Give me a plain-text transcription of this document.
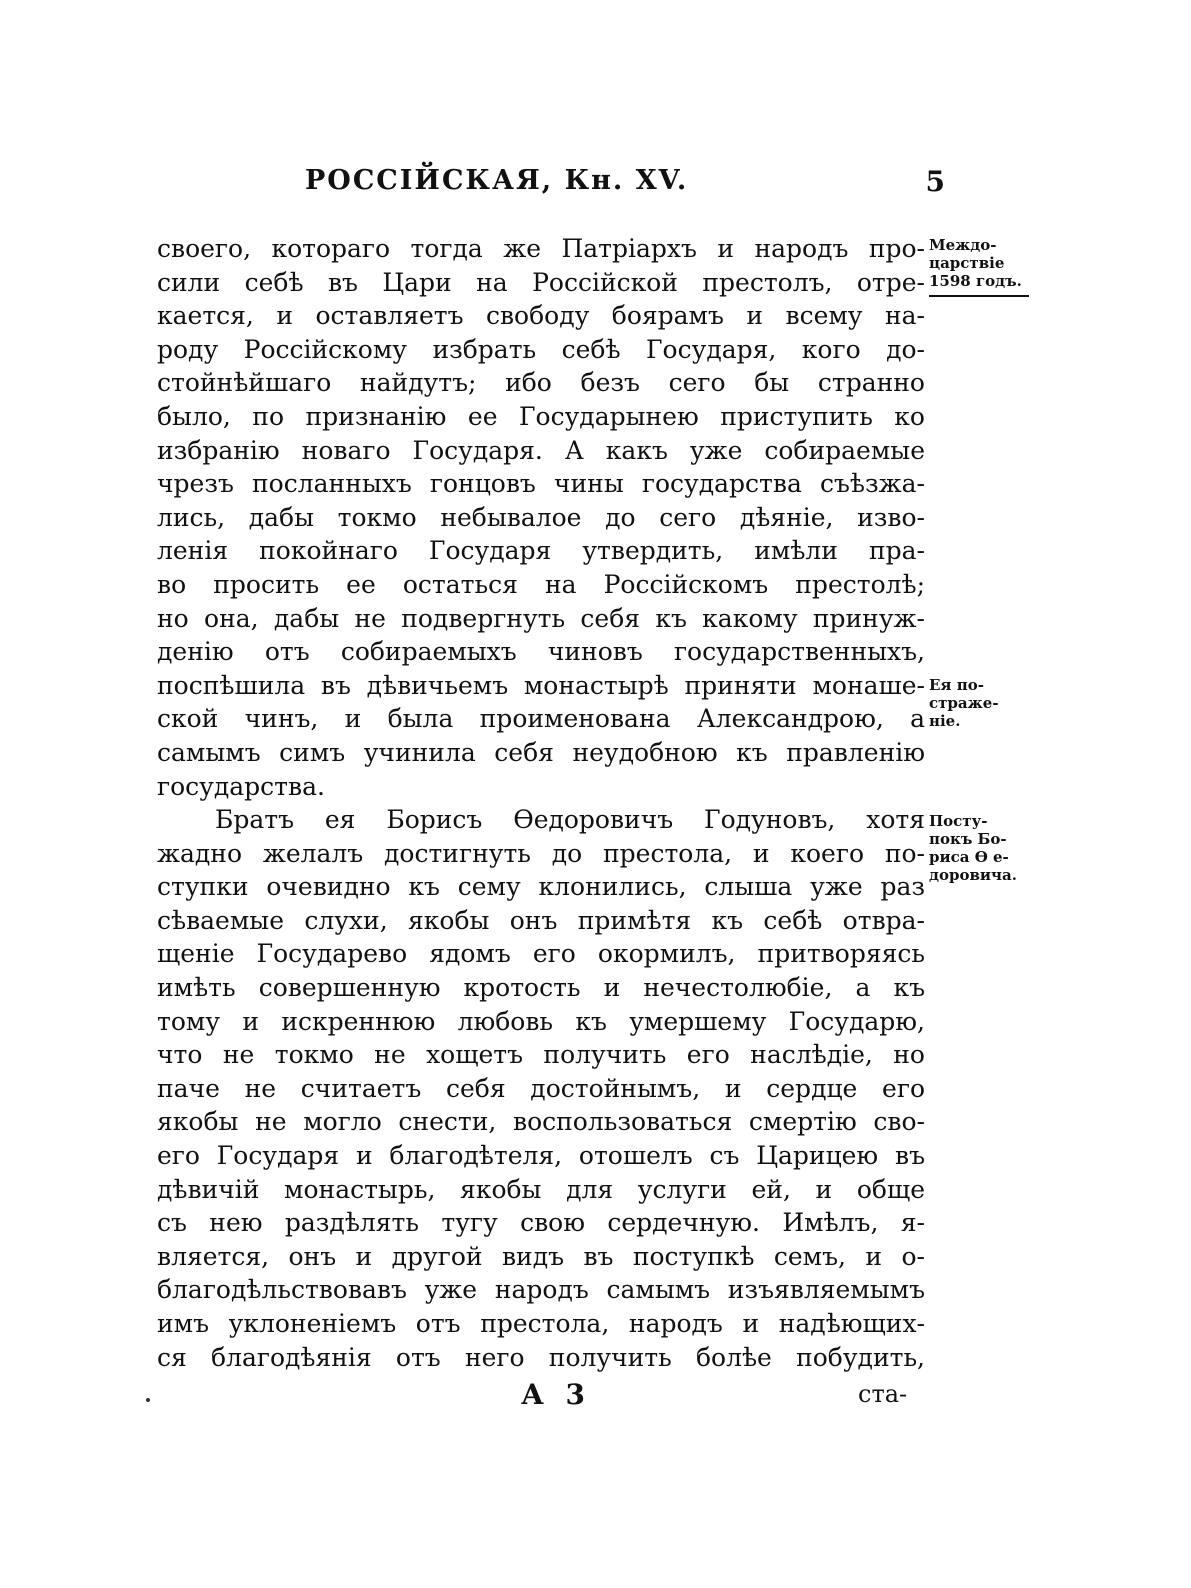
РОССІЙСКАЯ, Кн. XV.	5
своего, котораго тогда же Патріархъ и народъ про-
сили себѣ въ Цари на Россійской престолъ, отре-
кается, и оставляетъ свободу боярамъ и всему на-
роду Россійскому избрать себѣ Государя, кого до-
стойнѣйшаго найдутъ; ибо безъ сего бы странно
было, по признанію ее Государынею приступить ко
избранію новаго Государя. А какъ уже собираемые
чрезъ посланныхъ гонцовъ чины государства съѣзжа-
лись, дабы токмо небывалое до сего дѣяніе, изво-
ленія покойнаго Государя утвердить, имѣли пра-
во просить ее остаться на Россійскомъ престолѣ;
но она, дабы не подвергнуть себя къ какому принуж-
денію отъ собираемыхъ чиновъ государственныхъ,
поспѣшила въ дѣвичьемъ монастырѣ приняти монаше-
ской чинъ, и была проименована Александрою, а
самымъ симъ учинила себя неудобною къ правленію
государства.
Братъ ея Борисъ Өедоровичъ Годуновъ, хотя
жадно желалъ достигнуть до престола, и коего по-
ступки очевидно къ сему клонились, слыша уже раз
сѣваемые слухи, якобы онъ примѣтя къ себѣ отвра-
щеніе Государево ядомъ его окормилъ, притворяясь
имѣть совершенную кротость и нечестолюбіе, а къ
тому и искреннюю любовь къ умершему Государю,
что не токмо не хощетъ получить его наслѣдіе, но
паче не считаетъ себя достойнымъ, и сердце его
якобы не могло снести, воспользоваться смертію сво-
его Государя и благодѣтеля, отошелъ съ Царицею въ
дѣвичій монастырь, якобы для услуги ей, и обще
съ нею раздѣлять тугу свою сердечную. Имѣлъ, я-
вляется, онъ и другой видъ въ поступкѣ семъ, и о-
благодѣльствовавъ уже народъ самымъ изъявляемымъ
имъ уклоненіемъ отъ престола, народъ и надѣющих-
ся благодѣянія отъ него получить болѣе побудить,
Междо-
царствіе
1598 годъ.
Ея по-
страже-
ніе.
Посту-
покъ Бо-
риса Ө е-
доровича.
А 3	ста-
